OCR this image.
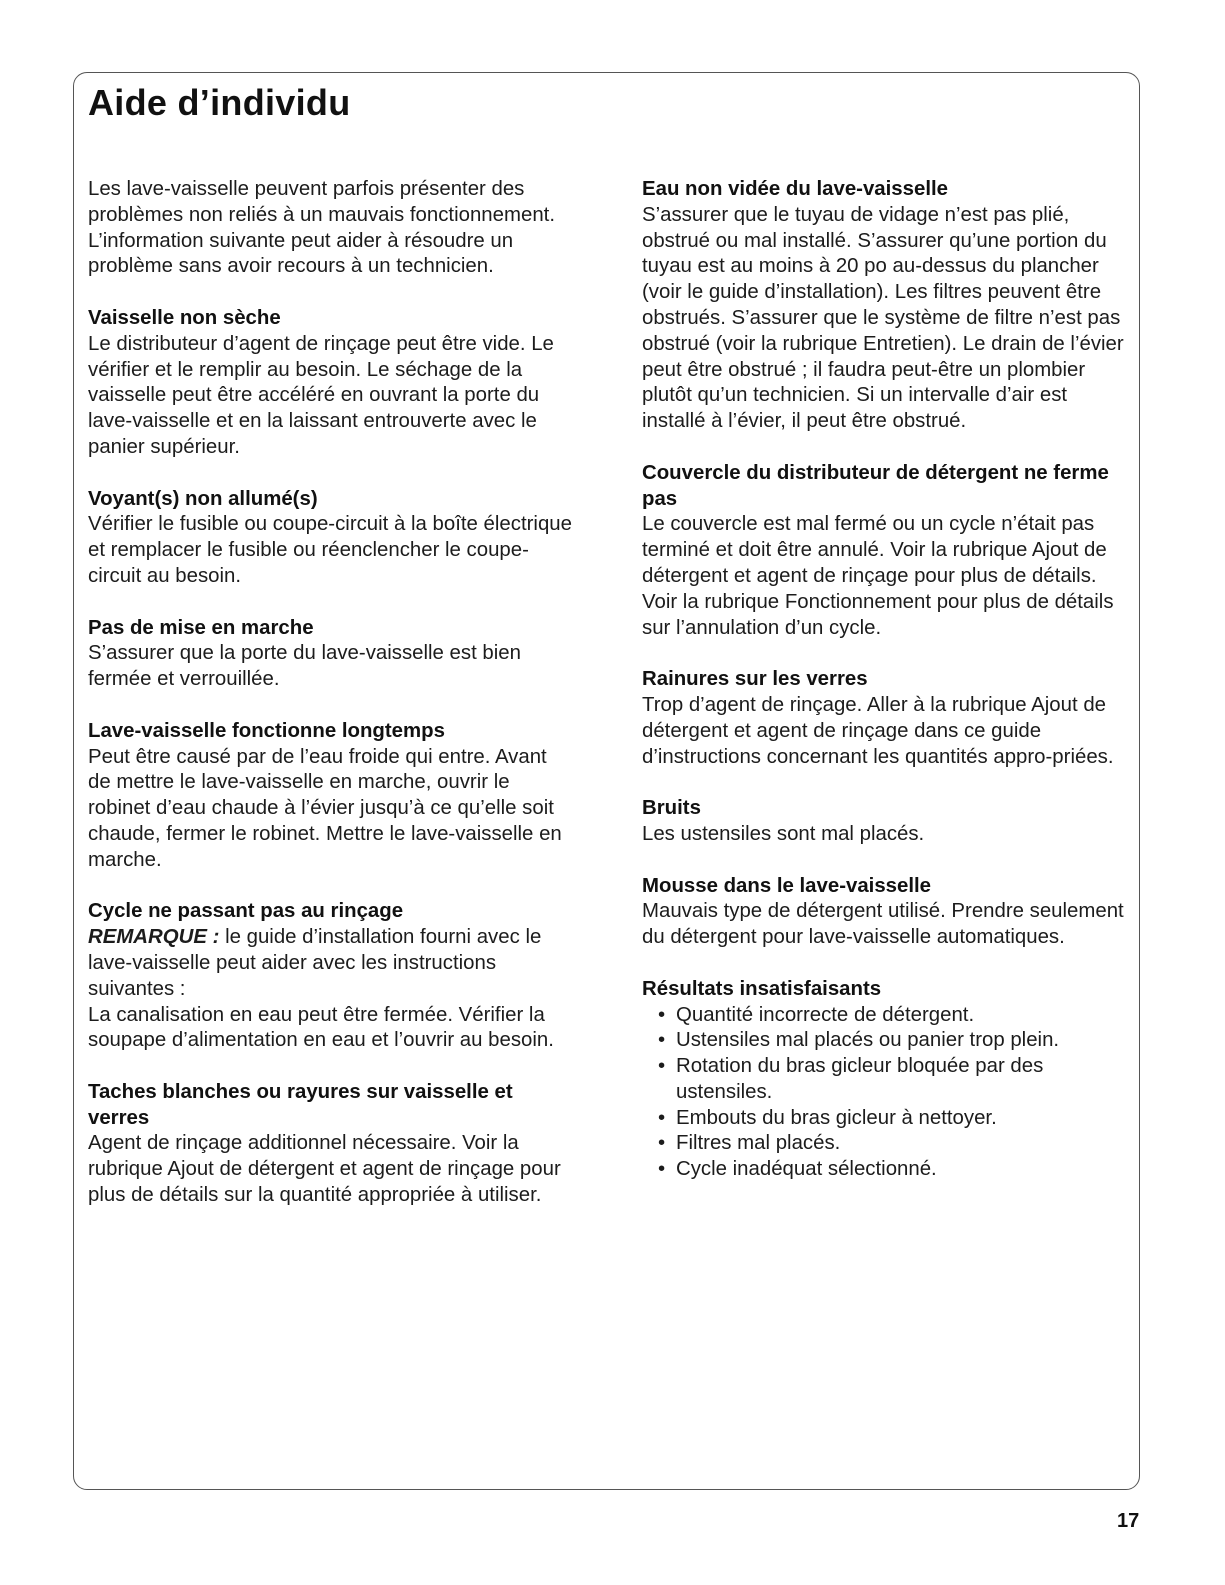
Aide d’individu

Les lave-vaisselle peuvent parfois présenter des problèmes non reliés à un mauvais fonctionnement. L’information suivante peut aider à résoudre un problème sans avoir recours à un technicien.

Vaisselle non sèche

Le distributeur d’agent de rinçage peut être vide. Le vérifier et le remplir au besoin. Le séchage de la vaisselle peut être accéléré en ouvrant la porte du lave-vaisselle et en la laissant entrouverte avec le panier supérieur.

Voyant(s) non allumé(s)

Vérifier le fusible ou coupe-circuit à la boîte électrique et remplacer le fusible ou réenclencher le coupe-circuit au besoin.

Pas de mise en marche

S’assurer que la porte du lave-vaisselle est bien fermée et verrouillée.

Lave-vaisselle fonctionne longtemps

Peut être causé par de l’eau froide qui entre. Avant de mettre le lave-vaisselle en marche, ouvrir le robinet d’eau chaude à l’évier jusqu’à ce qu’elle soit chaude, fermer le robinet. Mettre le lave-vaisselle en marche.

Cycle ne passant pas au rinçage

REMARQUE : le guide d’installation fourni avec le lave-vaisselle peut aider avec les instructions suivantes :

La canalisation en eau peut être fermée. Vérifier la soupape d’alimentation en eau et l’ouvrir au besoin.

Taches blanches ou rayures sur vaisselle et verres

Agent de rinçage additionnel nécessaire. Voir la rubrique Ajout de détergent et agent de rinçage pour plus de détails sur la quantité appropriée à utiliser.

Eau non vidée du lave-vaisselle

S’assurer que le tuyau de vidage n’est pas plié, obstrué ou mal installé. S’assurer qu’une portion du tuyau est au moins à 20 po au-dessus du plancher (voir le guide d’installation). Les filtres peuvent être obstrués. S’assurer que le système de filtre n’est pas obstrué (voir la rubrique Entretien). Le drain de l’évier peut être obstrué ; il faudra peut-être un plombier plutôt qu’un technicien. Si un intervalle d’air est installé à l’évier, il peut être obstrué.

Couvercle du distributeur de détergent ne ferme pas

Le couvercle est mal fermé ou un cycle n’était pas terminé et doit être annulé. Voir la rubrique Ajout de détergent et agent de rinçage pour plus de détails. Voir la rubrique Fonctionnement pour plus de détails sur l’annulation d’un cycle.

Rainures sur les verres

Trop d’agent de rinçage. Aller à la rubrique Ajout de détergent et agent de rinçage dans ce guide d’instructions concernant les quantités appro-priées.

Bruits

Les ustensiles sont mal placés.

Mousse dans le lave-vaisselle

Mauvais type de détergent utilisé. Prendre seulement du détergent pour lave-vaisselle automatiques.

Résultats insatisfaisants

• Quantité incorrecte de détergent.
• Ustensiles mal placés ou panier trop plein.
• Rotation du bras gicleur bloquée par des ustensiles.
• Embouts du bras gicleur à nettoyer.
• Filtres mal placés.
• Cycle inadéquat sélectionné.
17
